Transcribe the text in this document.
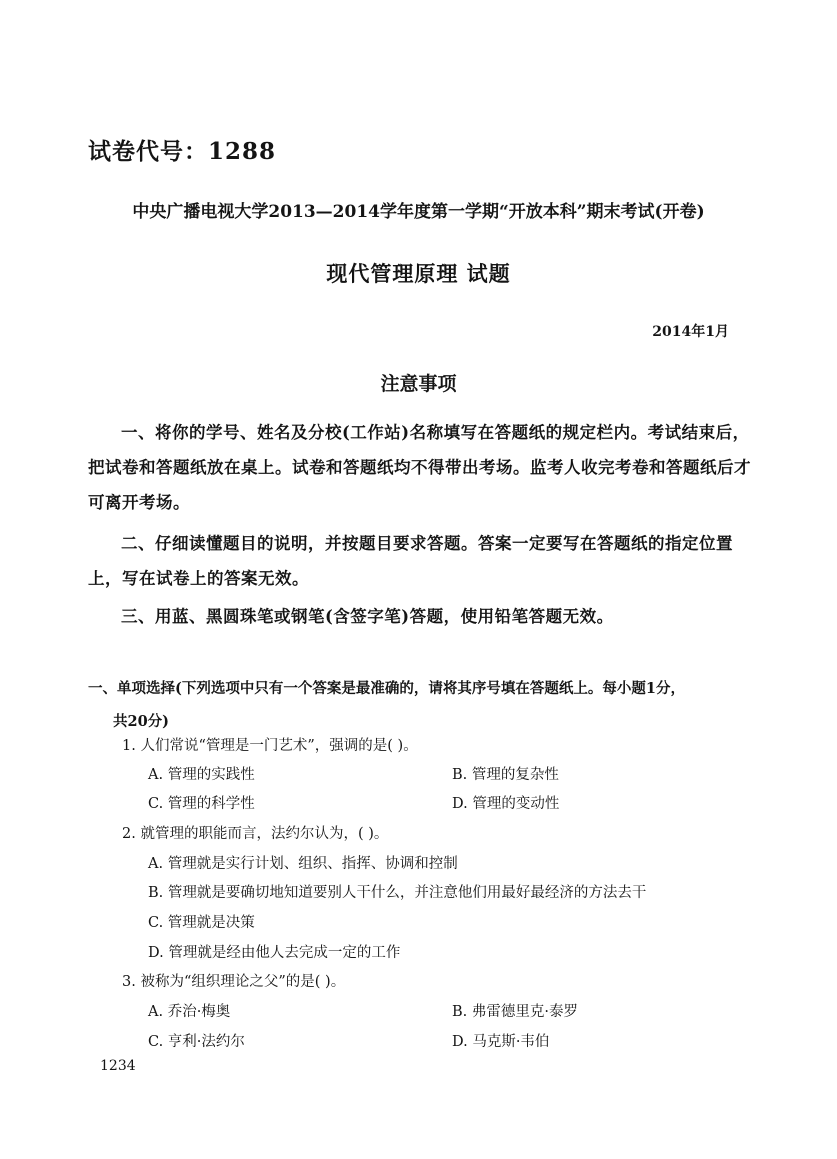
试卷代号：1288
中央广播电视大学2013—2014学年度第一学期“开放本科”期末考试(开卷)
现代管理原理 试题
2014年1月
注意事项
一、将你的学号、姓名及分校(工作站)名称填写在答题纸的规定栏内。考试结束后，把试卷和答题纸放在桌上。试卷和答题纸均不得带出考场。监考人收完考卷和答题纸后才可离开考场。
二、仔细读懂题目的说明，并按题目要求答题。答案一定要写在答题纸的指定位置上，写在试卷上的答案无效。
三、用蓝、黑圆珠笔或钢笔(含签字笔)答题，使用铅笔答题无效。
一、单项选择(下列选项中只有一个答案是最准确的，请将其序号填在答题纸上。每小题1分，
共20分)
1. 人们常说“管理是一门艺术”，强调的是( )。
A. 管理的实践性	B. 管理的复杂性
C. 管理的科学性	D. 管理的变动性
2. 就管理的职能而言，法约尔认为，( )。
A. 管理就是实行计划、组织、指挥、协调和控制
B. 管理就是要确切地知道要别人干什么，并注意他们用最好最经济的方法去干
C. 管理就是决策
D. 管理就是经由他人去完成一定的工作
3. 被称为“组织理论之父”的是( )。
A. 乔治·梅奥	B. 弗雷德里克·泰罗
C. 亨利·法约尔	D. 马克斯·韦伯
1234
